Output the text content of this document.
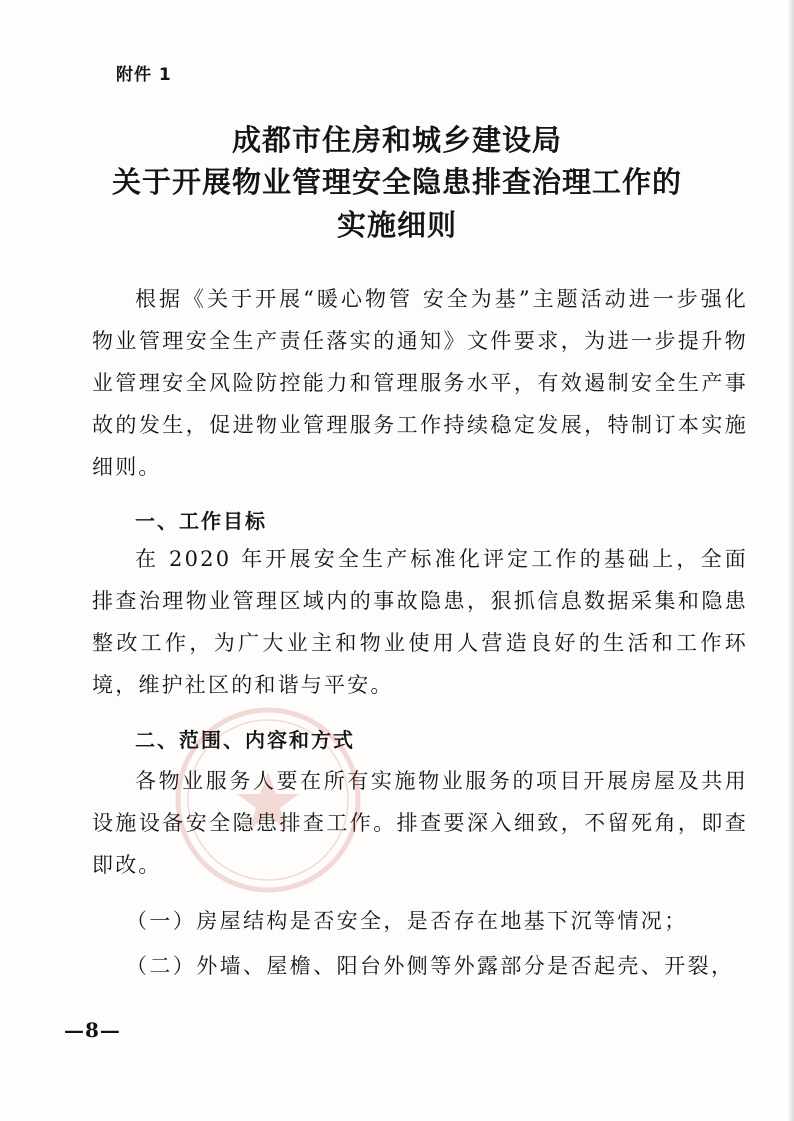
附件 1
成都市住房和城乡建设局
关于开展物业管理安全隐患排查治理工作的
实施细则

根据《关于开展“暖心物管 安全为基”主题活动进一步强化物业管理安全生产责任落实的通知》文件要求，为进一步提升物业管理安全风险防控能力和管理服务水平，有效遏制安全生产事故的发生，促进物业管理服务工作持续稳定发展，特制订本实施细则。

一、工作目标

在 2020 年开展安全生产标准化评定工作的基础上，全面排查治理物业管理区域内的事故隐患，狠抓信息数据采集和隐患整改工作，为广大业主和物业使用人营造良好的生活和工作环境，维护社区的和谐与平安。

二、范围、内容和方式

各物业服务人要在所有实施物业服务的项目开展房屋及共用设施设备安全隐患排查工作。排查要深入细致，不留死角，即查即改。

（一）房屋结构是否安全，是否存在地基下沉等情况；

（二）外墙、屋檐、阳台外侧等外露部分是否起壳、开裂，

—8—
